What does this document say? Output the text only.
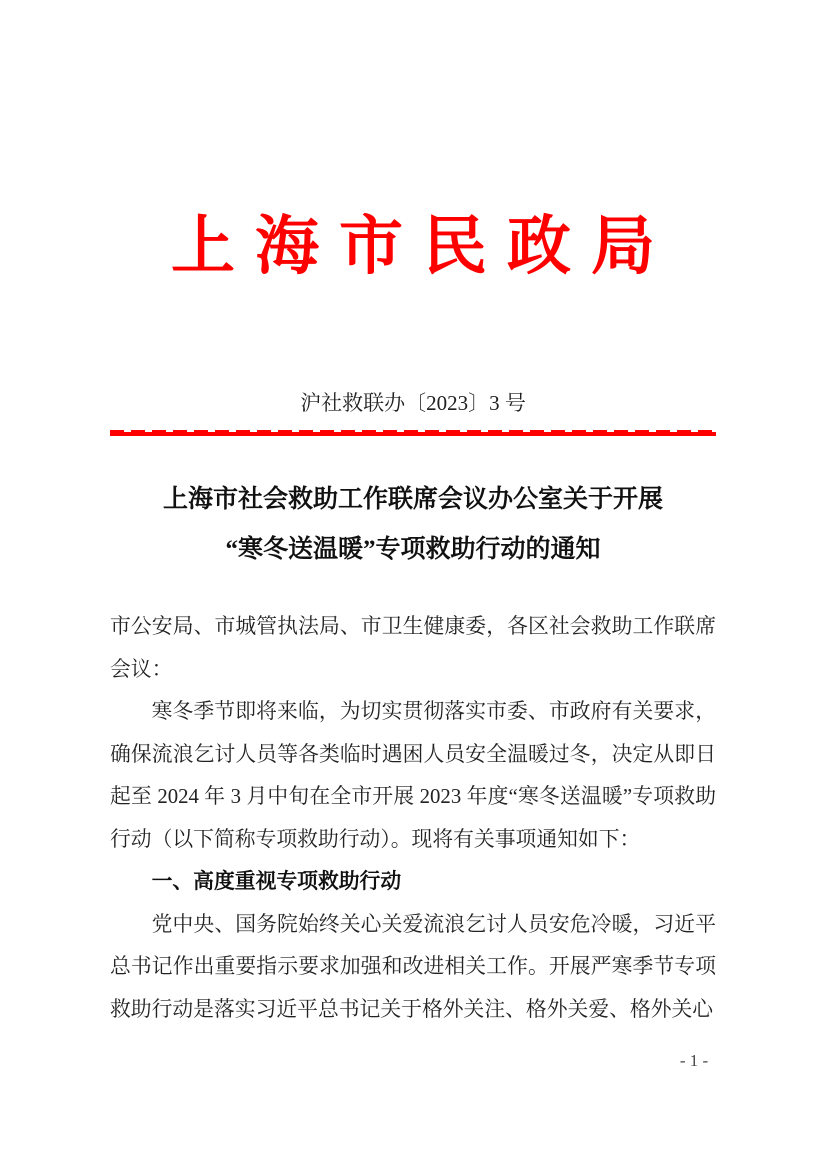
上海市民政局
沪社救联办〔2023〕3 号
上海市社会救助工作联席会议办公室关于开展
“寒冬送温暖”专项救助行动的通知

市公安局、市城管执法局、市卫生健康委，各区社会救助工作联席会议：

寒冬季节即将来临，为切实贯彻落实市委、市政府有关要求，确保流浪乞讨人员等各类临时遇困人员安全温暖过冬，决定从即日起至 2024 年 3 月中旬在全市开展 2023 年度“寒冬送温暖”专项救助行动（以下简称专项救助行动）。现将有关事项通知如下：

一、高度重视专项救助行动

党中央、国务院始终关心关爱流浪乞讨人员安危冷暖，习近平总书记作出重要指示要求加强和改进相关工作。开展严寒季节专项救助行动是落实习近平总书记关于格外关注、格外关爱、格外关心

- 1 -
